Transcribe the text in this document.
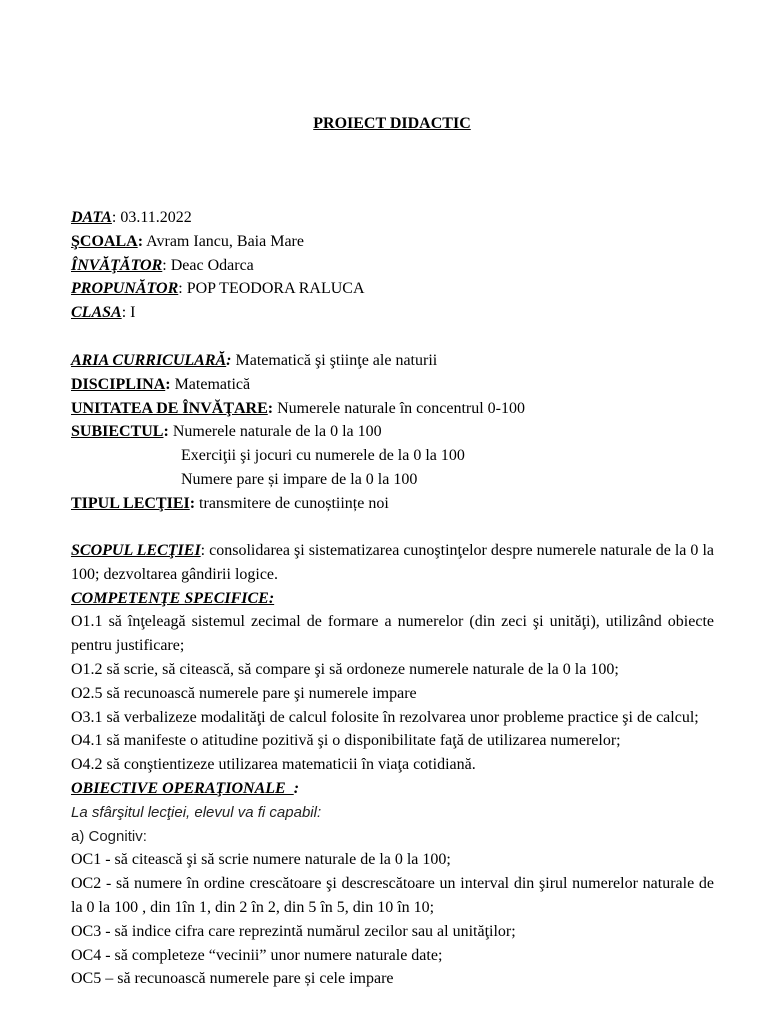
PROIECT DIDACTIC
DATA: 03.11.2022
ŞCOALA: Avram Iancu, Baia Mare
ÎNVĂŢĂTOR: Deac Odarca
PROPUNĂTOR: POP TEODORA RALUCA
CLASA: I
ARIA CURRICULARĂ: Matematică şi ştiinţe ale naturii
DISCIPLINA: Matematică
UNITATEA DE ÎNVĂŢARE: Numerele naturale în concentrul 0-100
SUBIECTUL: Numerele naturale de la 0 la 100
Exerciţii şi jocuri cu numerele de la 0 la 100
Numere pare și impare de la 0 la 100
TIPUL LECŢIEI: transmitere de cunoștiințe noi
SCOPUL LECŢIEI: consolidarea şi sistematizarea cunoştinţelor despre numerele naturale de la 0 la 100; dezvoltarea gândirii logice.
COMPETENŢE SPECIFICE:
O1.1 să înţeleagă sistemul zecimal de formare a numerelor (din zeci şi unităţi), utilizând obiecte pentru justificare;
O1.2 să scrie, să citească, să compare şi să ordoneze numerele naturale de la 0 la 100;
O2.5 să recunoască numerele pare şi numerele impare
O3.1 să verbalizeze modalităţi de calcul folosite în rezolvarea unor probleme practice şi de calcul;
O4.1 să manifeste o atitudine pozitivă şi o disponibilitate faţă de utilizarea numerelor;
O4.2 să conştientizeze utilizarea matematicii în viaţa cotidiană.
OBIECTIVE OPERAŢIONALE  :
La sfârşitul lecţiei, elevul va fi capabil:
a) Cognitiv:
OC1 - să citească şi să scrie numere naturale de la 0 la 100;
OC2 - să numere în ordine crescătoare şi descrescătoare un interval din şirul numerelor naturale de la 0 la 100 , din 1în 1, din 2 în 2, din 5 în 5, din 10 în 10;
OC3 - să indice cifra care reprezintă numărul zecilor sau al unităţilor;
OC4 - să completeze “vecinii” unor numere naturale date;
OC5 – să recunoască numerele pare și cele impare
